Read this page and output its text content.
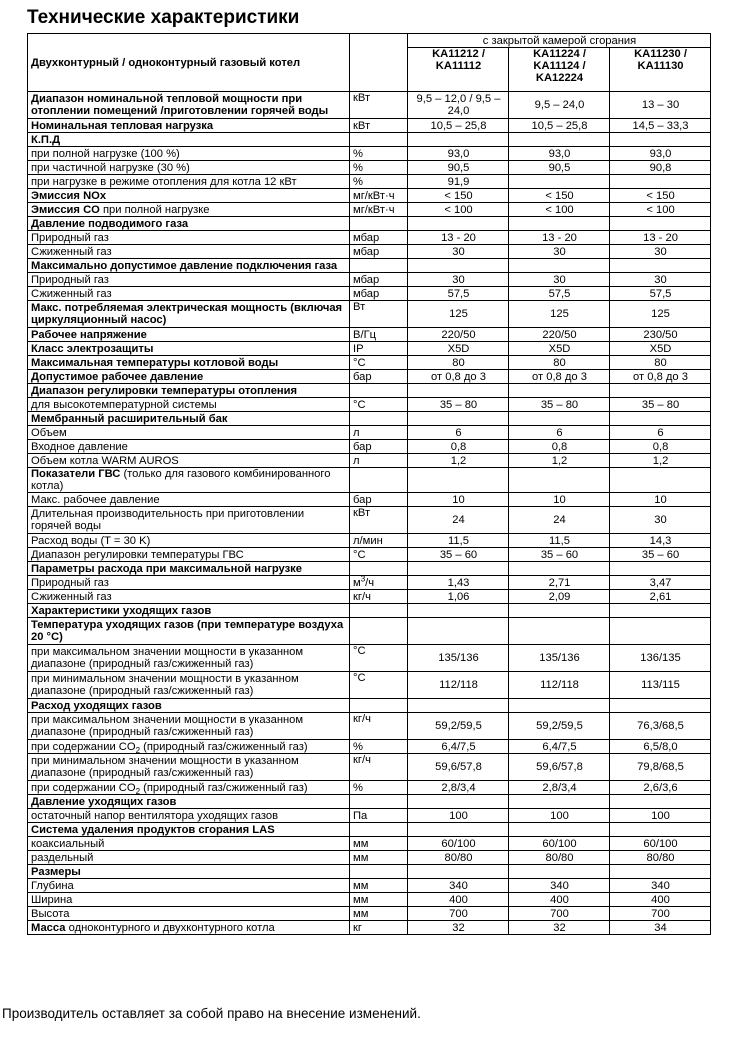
Технические характеристики
Двухконтурный / одноконтурный газовый котел		с закрытой камерой сгорания		
		KA11212 / KA11112	KA11224 / KA11124 / KA12224	KA11230 / KA11130
Диапазон номинальной тепловой мощности при отоплении помещений /приготовлении горячей воды	кВт	9,5 – 12,0 / 9,5 – 24,0	9,5 – 24,0	13 – 30
Номинальная тепловая нагрузка	кВт	10,5 – 25,8	10,5 – 25,8	14,5 – 33,3
К.П.Д				
при полной нагрузке (100 %)	%	93,0	93,0	93,0
при частичной нагрузке (30 %)	%	90,5	90,5	90,8
при нагрузке в режиме отопления для котла 12 кВт	%	91,9		
Эмиссия NOx	мг/кВт·ч	< 150	< 150	< 150
Эмиссия CO при полной нагрузке	мг/кВт·ч	< 100	< 100	< 100
Давление подводимого газа				
Природный газ	мбар	13 - 20	13 - 20	13 - 20
Сжиженный газ	мбар	30	30	30
Максимально допустимое давление подключения газа				
Природный газ	мбар	30	30	30
Сжиженный газ	мбар	57,5	57,5	57,5
Макс. потребляемая электрическая мощность (включая циркуляционный насос)	Вт	125	125	125
Рабочее напряжение	В/Гц	220/50	220/50	230/50
Класс электрозащиты	IP	X5D	X5D	X5D
Максимальная температуры котловой воды	°C	80	80	80
Допустимое рабочее давление	бар	от 0,8 до 3	от 0,8 до 3	от 0,8 до 3
Диапазон регулировки температуры отопления				
для высокотемпературной системы	°C	35 – 80	35 – 80	35 – 80
Мембранный расширительный бак				
Объем	л	6	6	6
Входное давление	бар	0,8	0,8	0,8
Объем котла WARM AUROS	л	1,2	1,2	1,2
Показатели ГВС (только для газового комбинированного котла)				
Макс. рабочее давление	бар	10	10	10
Длительная производительность при приготовлении горячей воды	кВт	24	24	30
Расход воды (T = 30 K)	л/мин	11,5	11,5	14,3
Диапазон регулировки температуры ГВС	°C	35 – 60	35 – 60	35 – 60
Параметры расхода при максимальной нагрузке				
Природный газ	$м^3/ч$	1,43	2,71	3,47
Сжиженный газ	кг/ч	1,06	2,09	2,61
Характеристики уходящих газов				
Температура уходящих газов (при температуре воздуха 20 °C)				
при максимальном значении мощности в указанном диапазоне (природный газ/сжиженный газ)	°C	135/136	135/136	136/135
при минимальном значении мощности в указанном диапазоне (природный газ/сжиженный газ)	°C	112/118	112/118	113/115
Расход уходящих газов				
при максимальном значении мощности в указанном диапазоне (природный газ/сжиженный газ)	кг/ч	59,2/59,5	59,2/59,5	76,3/68,5
при содержании $CO_2$ (природный газ/сжиженный газ)	%	6,4/7,5	6,4/7,5	6,5/8,0
при минимальном значении мощности в указанном диапазоне (природный газ/сжиженный газ)	кг/ч	59,6/57,8	59,6/57,8	79,8/68,5
при содержании $CO_2$ (природный газ/сжиженный газ)	%	2,8/3,4	2,8/3,4	2,6/3,6
Давление уходящих газов				
остаточный напор вентилятора уходящих газов	Па	100	100	100
Система удаления продуктов сгорания LAS				
коаксиальный	мм	60/100	60/100	60/100
раздельный	мм	80/80	80/80	80/80
Размеры				
Глубина	мм	340	340	340
Ширина	мм	400	400	400
Высота	мм	700	700	700
Масса одноконтурного и двухконтурного котла	кг	32	32	34
Производитель оставляет за собой право на внесение изменений.
